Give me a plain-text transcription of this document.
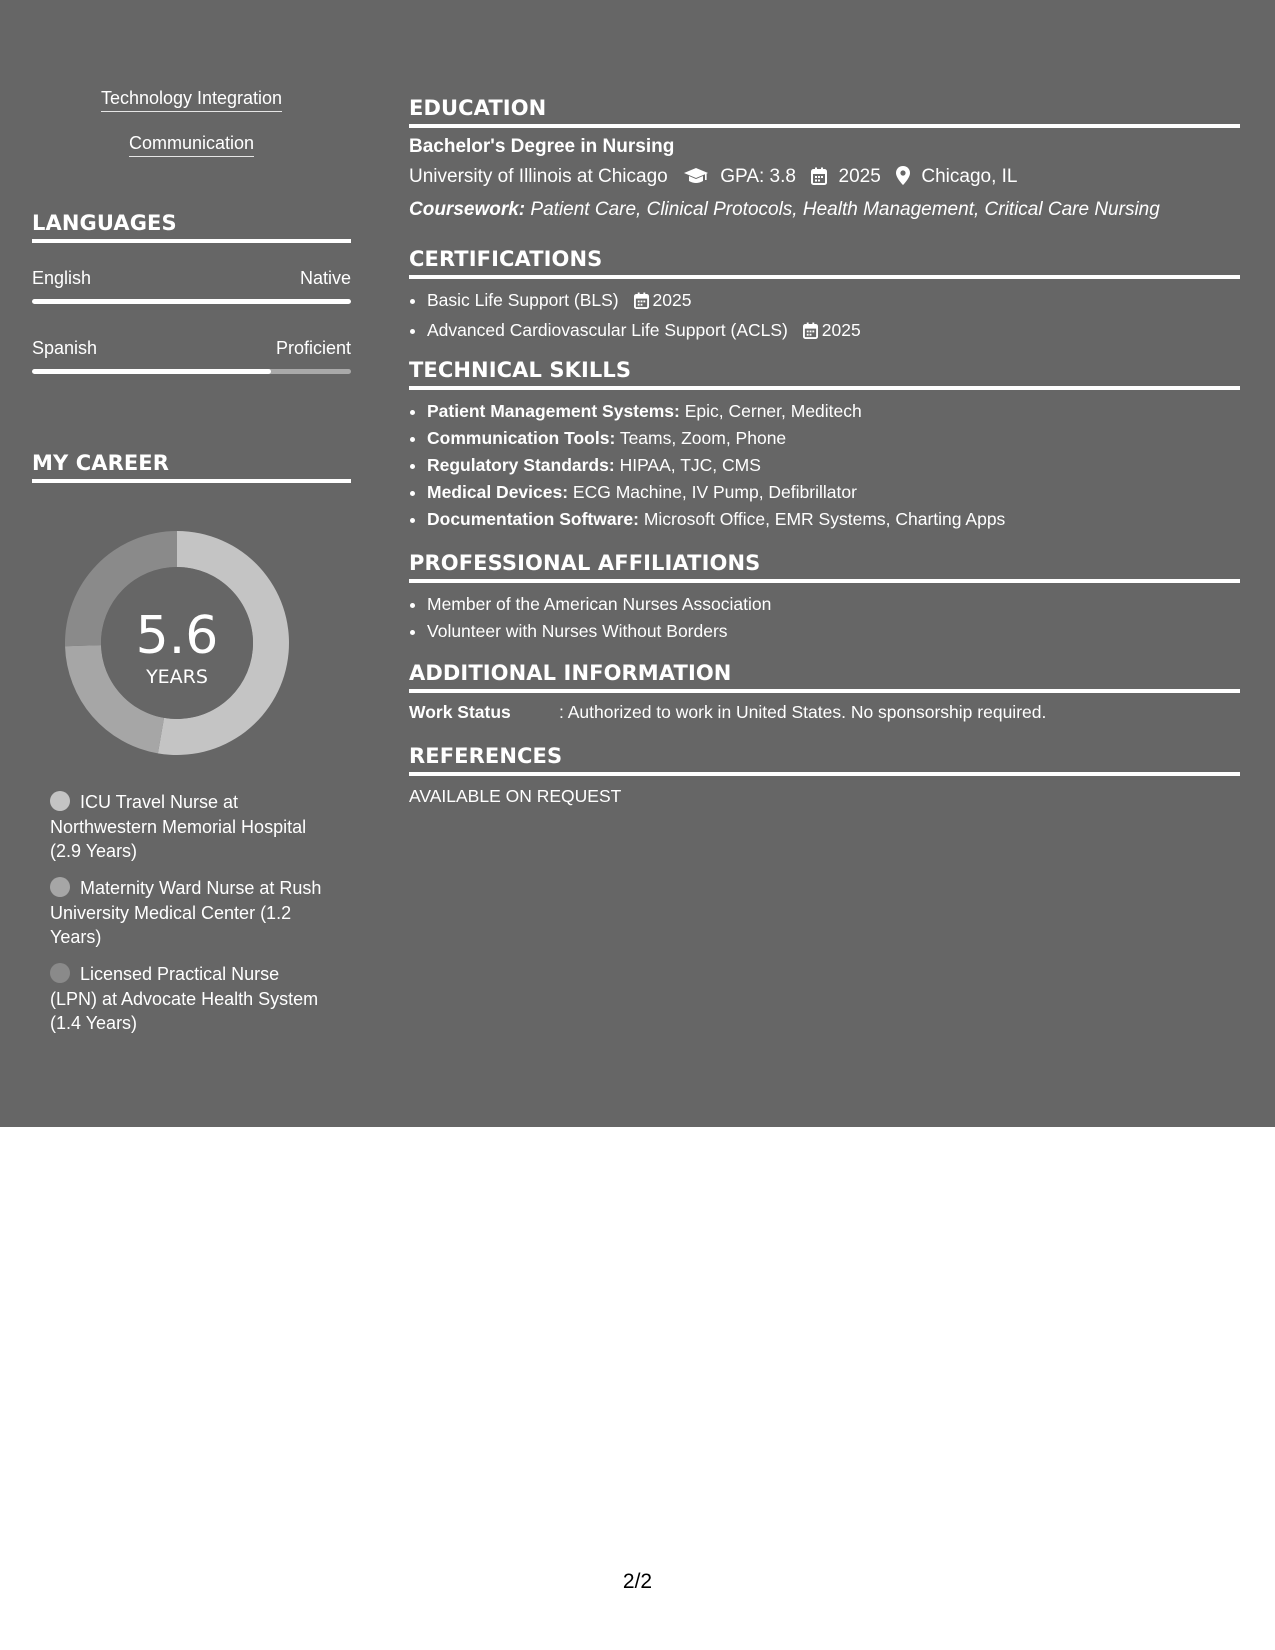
Technology Integration
Communication
LANGUAGES
English	Native
Spanish	Proficient
MY CAREER
5.6
YEARS
ICU Travel Nurse at Northwestern Memorial Hospital (2.9 Years)
Maternity Ward Nurse at Rush University Medical Center (1.2 Years)
Licensed Practical Nurse (LPN) at Advocate Health System (1.4 Years)
EDUCATION
Bachelor's Degree in Nursing
University of Illinois at Chicago	GPA: 3.8 2025 Chicago, IL
Coursework: Patient Care, Clinical Protocols, Health Management, Critical Care Nursing
CERTIFICATIONS
• Basic Life Support (BLS) 2025
• Advanced Cardiovascular Life Support (ACLS) 2025
TECHNICAL SKILLS
• Patient Management Systems: Epic, Cerner, Meditech
• Communication Tools: Teams, Zoom, Phone
• Regulatory Standards: HIPAA, TJC, CMS
• Medical Devices: ECG Machine, IV Pump, Defibrillator
• Documentation Software: Microsoft Office, EMR Systems, Charting Apps
PROFESSIONAL AFFILIATIONS
• Member of the American Nurses Association
• Volunteer with Nurses Without Borders
ADDITIONAL INFORMATION
Work Status	: Authorized to work in United States. No sponsorship required.
REFERENCES
AVAILABLE ON REQUEST
2/2
